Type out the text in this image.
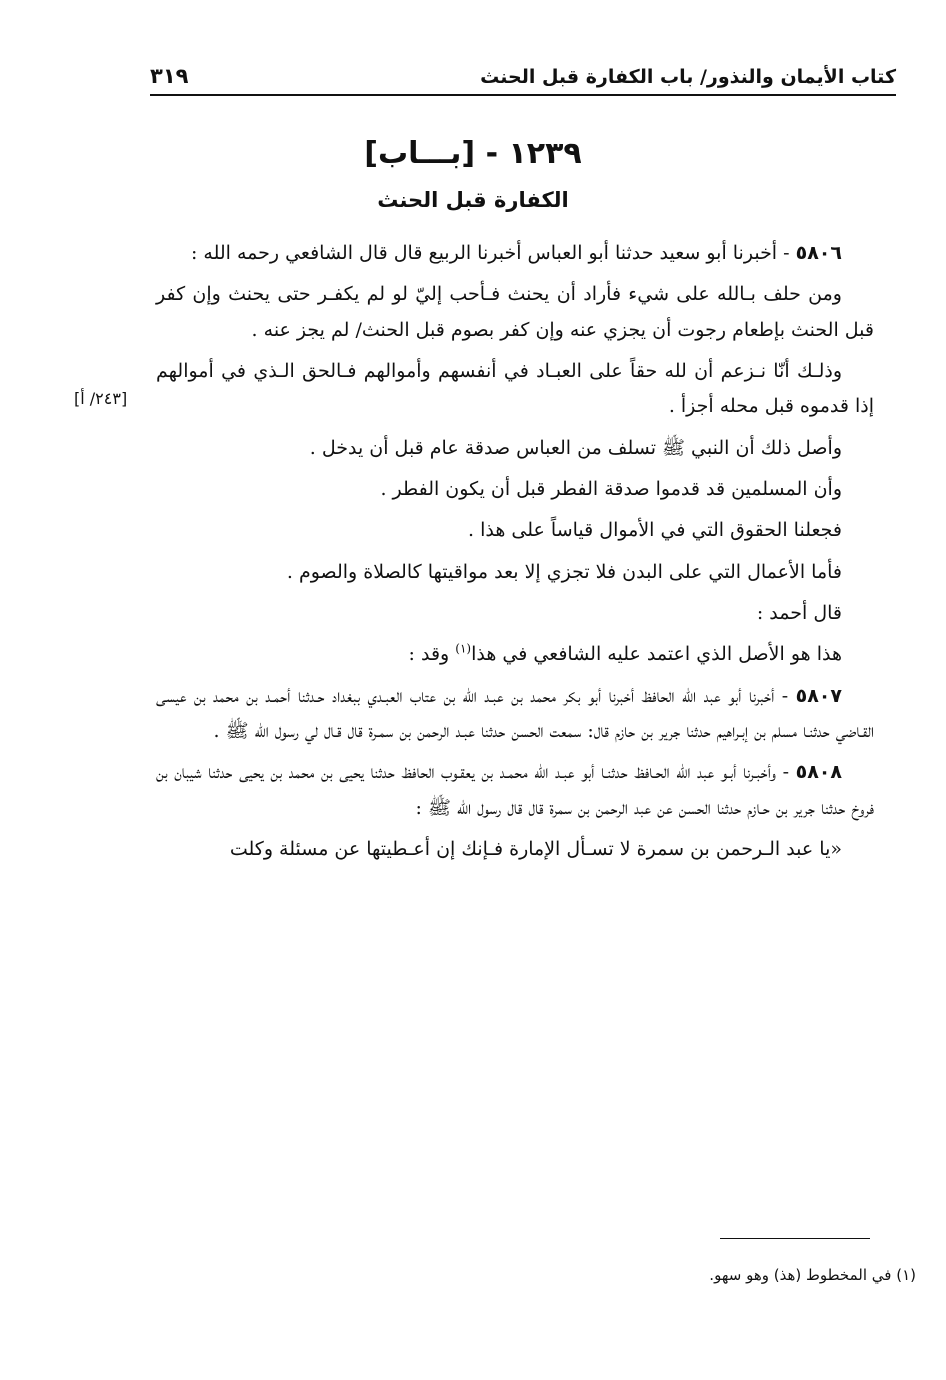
كتاب الأيمان والنذور/ باب الكفارة قبل الحنث
٣١٩
١٢٣٩ - [بـــاب]
الكفارة قبل الحنث
[٢٤٣/ أ]

٥٨٠٦ - أخبرنا أبو سعيد حدثنا أبو العباس أخبرنا الربيع قال قال الشافعي رحمه الله :

ومن حلف بـالله على شيء فأراد أن يحنث فـأحب إليّ لو لم يكفـر حتى يحنث وإن كفر قبل الحنث بإطعام رجوت أن يجزي عنه وإن كفر بصوم قبل الحنث/ لم يجز عنه .

وذلـك أنّا نـزعم أن لله حقاً على العبـاد في أنفسهم وأموالهم فـالحق الـذي في أموالهم إذا قدموه قبل محله أجزأ .

وأصل ذلك أن النبي ﷺ تسلف من العباس صدقة عام قبل أن يدخل .

وأن المسلمين قد قدموا صدقة الفطر قبل أن يكون الفطر .

فجعلنا الحقوق التي في الأموال قياساً على هذا .

فأما الأعمال التي على البدن فلا تجزي إلا بعد مواقيتها كالصلاة والصوم .

قال أحمد :

هذا هو الأصل الذي اعتمد عليه الشافعي في هذا$^{(١)}$ وقد :

٥٨٠٧ - أخبرنا أبو عبد الله الحافظ أخبرنا أبو بكر محمد بن عبـد الله بن عتاب العبـدي ببغداد حـدثنا أحمـد بن محمد بن عيسى القـاضي حدثنـا مسلم بن إبـراهيم حدثنا جرير بن حازم قال: سمعت الحسن حدثنا عبـد الرحمن بن سمـرة قال قـال لي رسول الله ﷺ .

٥٨٠٨ - وأخبـرنا أبـو عبد الله الحـافظ حدثنـا أبو عبـد الله محمـد بن يعقـوب الحافظ حدثنا يحيى بن محمد بن يحيى حدثنا شيبان بن فروخ حدثنا جرير بن حـازم حدثنا الحسن عن عبد الرحمن بن سمرة قال قال رسول الله ﷺ :

«يا عبد الـرحمن بن سمرة لا تسـأل الإمارة فـإنك إن أعـطيتها عن مسئلة وكلت

(١) في المخطوط (هذ) وهو سهو.
